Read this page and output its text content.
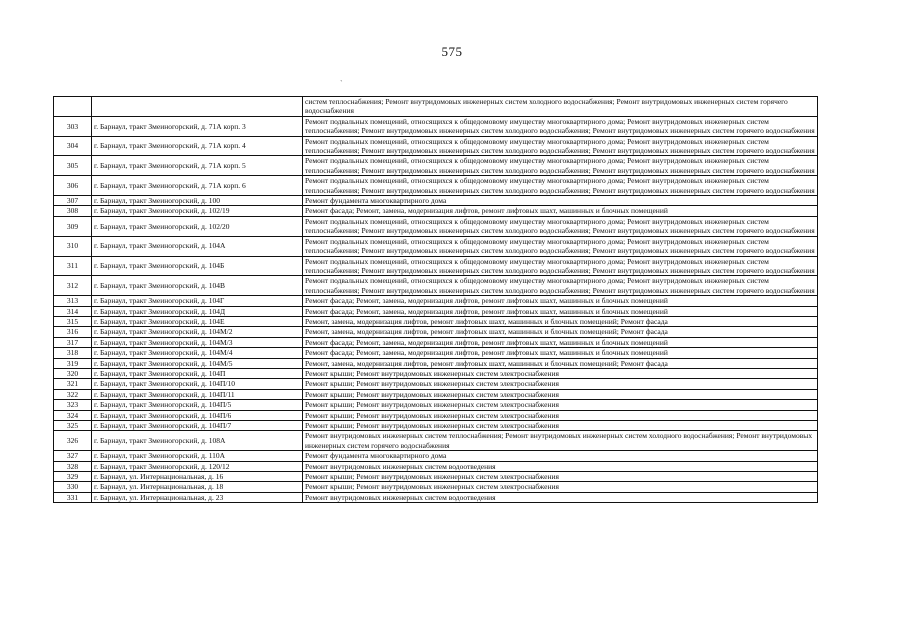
575
`
		систем теплоснабжения; Ремонт внутридомовых инженерных систем холодного водоснабжения; Ремонт внутридомовых инженерных систем горячего водоснабжения
303	г. Барнаул, тракт Змеиногорский, д. 71А корп. 3	Ремонт подвальных помещений, относящихся к общедомовому имуществу многоквартирного дома; Ремонт внутридомовых инженерных систем теплоснабжения; Ремонт внутридомовых инженерных систем холодного водоснабжения; Ремонт внутридомовых инженерных систем горячего водоснабжения
304	г. Барнаул, тракт Змеиногорский, д. 71А корп. 4	Ремонт подвальных помещений, относящихся к общедомовому имуществу многоквартирного дома; Ремонт внутридомовых инженерных систем теплоснабжения; Ремонт внутридомовых инженерных систем холодного водоснабжения; Ремонт внутридомовых инженерных систем горячего водоснабжения
305	г. Барнаул, тракт Змеиногорский, д. 71А корп. 5	Ремонт подвальных помещений, относящихся к общедомовому имуществу многоквартирного дома; Ремонт внутридомовых инженерных систем теплоснабжения; Ремонт внутридомовых инженерных систем холодного водоснабжения; Ремонт внутридомовых инженерных систем горячего водоснабжения
306	г. Барнаул, тракт Змеиногорский, д. 71А корп. 6	Ремонт подвальных помещений, относящихся к общедомовому имуществу многоквартирного дома; Ремонт внутридомовых инженерных систем теплоснабжения; Ремонт внутридомовых инженерных систем холодного водоснабжения; Ремонт внутридомовых инженерных систем горячего водоснабжения
307	г. Барнаул, тракт Змеиногорский, д. 100	Ремонт фундамента многоквартирного дома
308	г. Барнаул, тракт Змеиногорский, д. 102/19	Ремонт фасада; Ремонт, замена, модернизация лифтов, ремонт лифтовых шахт, машинных и блочных помещений
309	г. Барнаул, тракт Змеиногорский, д. 102/20	Ремонт подвальных помещений, относящихся к общедомовому имуществу многоквартирного дома; Ремонт внутридомовых инженерных систем теплоснабжения; Ремонт внутридомовых инженерных систем холодного водоснабжения; Ремонт внутридомовых инженерных систем горячего водоснабжения
310	г. Барнаул, тракт Змеиногорский, д. 104А	Ремонт подвальных помещений, относящихся к общедомовому имуществу многоквартирного дома; Ремонт внутридомовых инженерных систем теплоснабжения; Ремонт внутридомовых инженерных систем холодного водоснабжения; Ремонт внутридомовых инженерных систем горячего водоснабжения
311	г. Барнаул, тракт Змеиногорский, д. 104Б	Ремонт подвальных помещений, относящихся к общедомовому имуществу многоквартирного дома; Ремонт внутридомовых инженерных систем теплоснабжения; Ремонт внутридомовых инженерных систем холодного водоснабжения; Ремонт внутридомовых инженерных систем горячего водоснабжения
312	г. Барнаул, тракт Змеиногорский, д. 104В	Ремонт подвальных помещений, относящихся к общедомовому имуществу многоквартирного дома; Ремонт внутридомовых инженерных систем теплоснабжения; Ремонт внутридомовых инженерных систем холодного водоснабжения; Ремонт внутридомовых инженерных систем горячего водоснабжения
313	г. Барнаул, тракт Змеиногорский, д. 104Г	Ремонт фасада; Ремонт, замена, модернизация лифтов, ремонт лифтовых шахт, машинных и блочных помещений
314	г. Барнаул, тракт Змеиногорский, д. 104Д	Ремонт фасада; Ремонт, замена, модернизация лифтов, ремонт лифтовых шахт, машинных и блочных помещений
315	г. Барнаул, тракт Змеиногорский, д. 104Е	Ремонт, замена, модернизация лифтов, ремонт лифтовых шахт, машинных и блочных помещений; Ремонт фасада
316	г. Барнаул, тракт Змеиногорский, д. 104М/2	Ремонт, замена, модернизация лифтов, ремонт лифтовых шахт, машинных и блочных помещений; Ремонт фасада
317	г. Барнаул, тракт Змеиногорский, д. 104М/3	Ремонт фасада; Ремонт, замена, модернизация лифтов, ремонт лифтовых шахт, машинных и блочных помещений
318	г. Барнаул, тракт Змеиногорский, д. 104М/4	Ремонт фасада; Ремонт, замена, модернизация лифтов, ремонт лифтовых шахт, машинных и блочных помещений
319	г. Барнаул, тракт Змеиногорский, д. 104М/5	Ремонт, замена, модернизация лифтов, ремонт лифтовых шахт, машинных и блочных помещений; Ремонт фасада
320	г. Барнаул, тракт Змеиногорский, д. 104П	Ремонт крыши; Ремонт внутридомовых инженерных систем электроснабжения
321	г. Барнаул, тракт Змеиногорский, д. 104П/10	Ремонт крыши; Ремонт внутридомовых инженерных систем электроснабжения
322	г. Барнаул, тракт Змеиногорский, д. 104П/11	Ремонт крыши; Ремонт внутридомовых инженерных систем электроснабжения
323	г. Барнаул, тракт Змеиногорский, д. 104П/5	Ремонт крыши; Ремонт внутридомовых инженерных систем электроснабжения
324	г. Барнаул, тракт Змеиногорский, д. 104П/6	Ремонт крыши; Ремонт внутридомовых инженерных систем электроснабжения
325	г. Барнаул, тракт Змеиногорский, д. 104П/7	Ремонт крыши; Ремонт внутридомовых инженерных систем электроснабжения
326	г. Барнаул, тракт Змеиногорский, д. 108А	Ремонт внутридомовых инженерных систем теплоснабжения; Ремонт внутридомовых инженерных систем холодного водоснабжения; Ремонт внутридомовых инженерных систем горячего водоснабжения
327	г. Барнаул, тракт Змеиногорский, д. 110А	Ремонт фундамента многоквартирного дома
328	г. Барнаул, тракт Змеиногорский, д. 120/12	Ремонт внутридомовых инженерных систем водоотведения
329	г. Барнаул, ул. Интернациональная, д. 16	Ремонт крыши; Ремонт внутридомовых инженерных систем электроснабжения
330	г. Барнаул, ул. Интернациональная, д. 18	Ремонт крыши; Ремонт внутридомовых инженерных систем электроснабжения
331	г. Барнаул, ул. Интернациональная, д. 23	Ремонт внутридомовых инженерных систем водоотведения
